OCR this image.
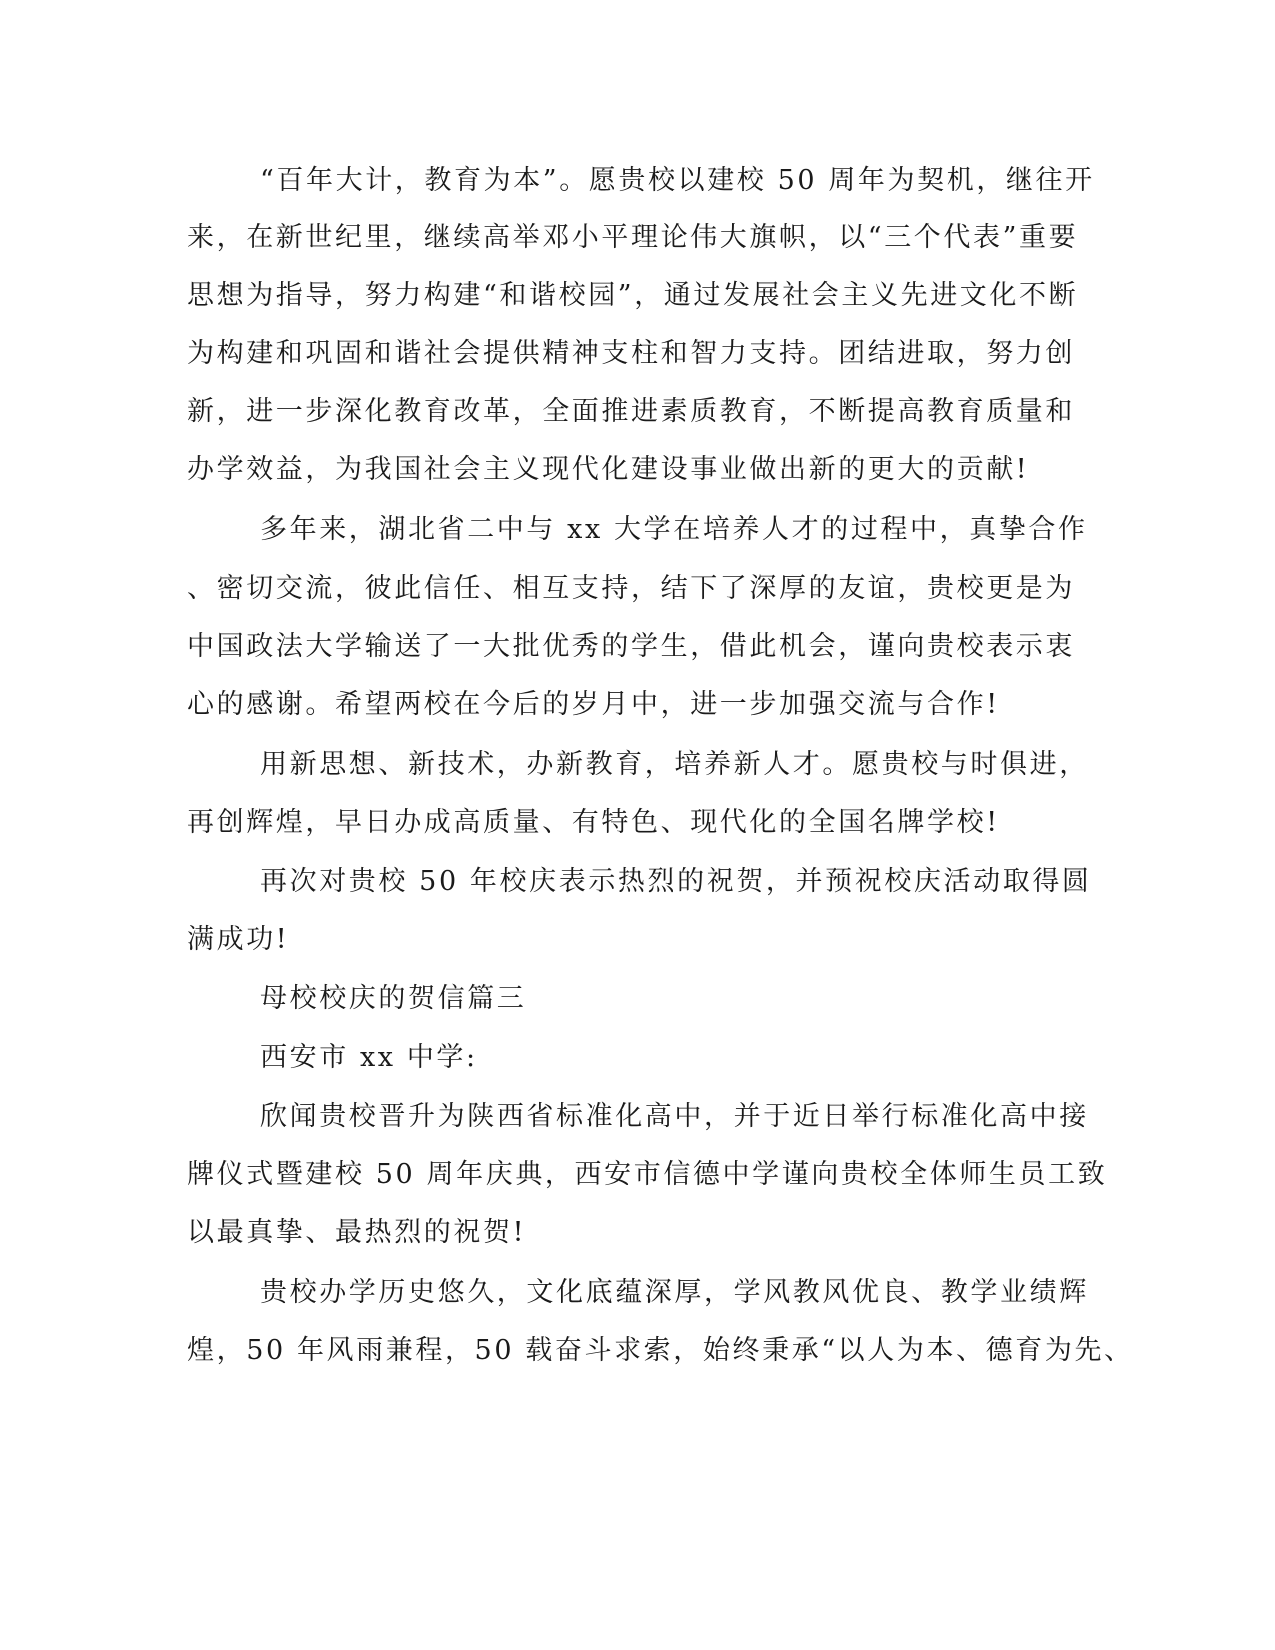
“百年大计，教育为本”。愿贵校以建校 50 周年为契机，继往开
来，在新世纪里，继续高举邓小平理论伟大旗帜，以“三个代表”重要
思想为指导，努力构建“和谐校园”，通过发展社会主义先进文化不断
为构建和巩固和谐社会提供精神支柱和智力支持。团结进取，努力创
新，进一步深化教育改革，全面推进素质教育，不断提高教育质量和
办学效益，为我国社会主义现代化建设事业做出新的更大的贡献!
多年来，湖北省二中与 xx 大学在培养人才的过程中，真挚合作
、密切交流，彼此信任、相互支持，结下了深厚的友谊，贵校更是为
中国政法大学输送了一大批优秀的学生，借此机会，谨向贵校表示衷
心的感谢。希望两校在今后的岁月中，进一步加强交流与合作!
用新思想、新技术，办新教育，培养新人才。愿贵校与时俱进，
再创辉煌，早日办成高质量、有特色、现代化的全国名牌学校!
再次对贵校 50 年校庆表示热烈的祝贺，并预祝校庆活动取得圆
满成功!
母校校庆的贺信篇三
西安市 xx 中学:
欣闻贵校晋升为陕西省标准化高中，并于近日举行标准化高中接
牌仪式暨建校 50 周年庆典，西安市信德中学谨向贵校全体师生员工致
以最真挚、最热烈的祝贺!
贵校办学历史悠久，文化底蕴深厚，学风教风优良、教学业绩辉
煌，50 年风雨兼程，50 载奋斗求索，始终秉承“以人为本、德育为先、
